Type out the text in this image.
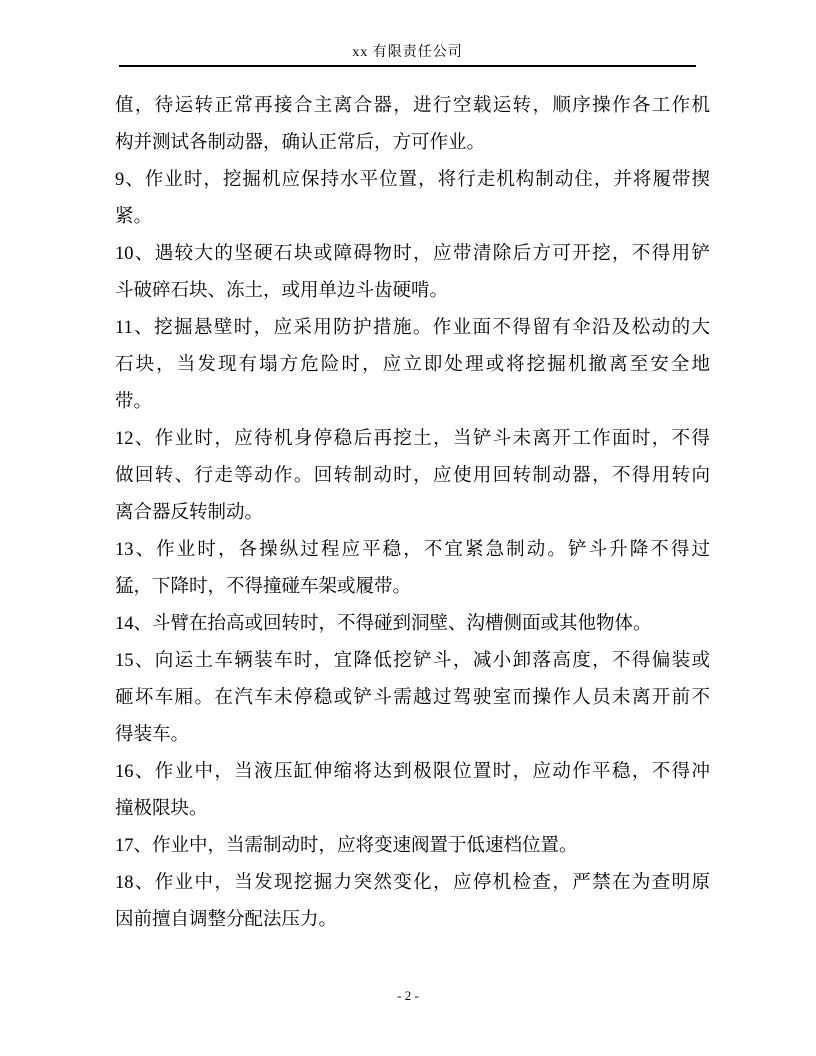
xx 有限责任公司
值，待运转正常再接合主离合器，进行空载运转，顺序操作各工作机
构并测试各制动器，确认正常后，方可作业。
9、作业时，挖掘机应保持水平位置，将行走机构制动住，并将履带揳
紧。
10、遇较大的坚硬石块或障碍物时，应带清除后方可开挖，不得用铲
斗破碎石块、冻土，或用单边斗齿硬啃。
11、挖掘悬壁时，应采用防护措施。作业面不得留有伞沿及松动的大
石块，当发现有塌方危险时，应立即处理或将挖掘机撤离至安全地
带。
12、作业时，应待机身停稳后再挖土，当铲斗未离开工作面时，不得
做回转、行走等动作。回转制动时，应使用回转制动器，不得用转向
离合器反转制动。
13、作业时，各操纵过程应平稳，不宜紧急制动。铲斗升降不得过
猛，下降时，不得撞碰车架或履带。
14、斗臂在抬高或回转时，不得碰到洞壁、沟槽侧面或其他物体。
15、向运土车辆装车时，宜降低挖铲斗，减小卸落高度，不得偏装或
砸坏车厢。在汽车未停稳或铲斗需越过驾驶室而操作人员未离开前不
得装车。
16、作业中，当液压缸伸缩将达到极限位置时，应动作平稳，不得冲
撞极限块。
17、作业中，当需制动时，应将变速阀置于低速档位置。
18、作业中，当发现挖掘力突然变化，应停机检查，严禁在为查明原
因前擅自调整分配法压力。
- 2 -
